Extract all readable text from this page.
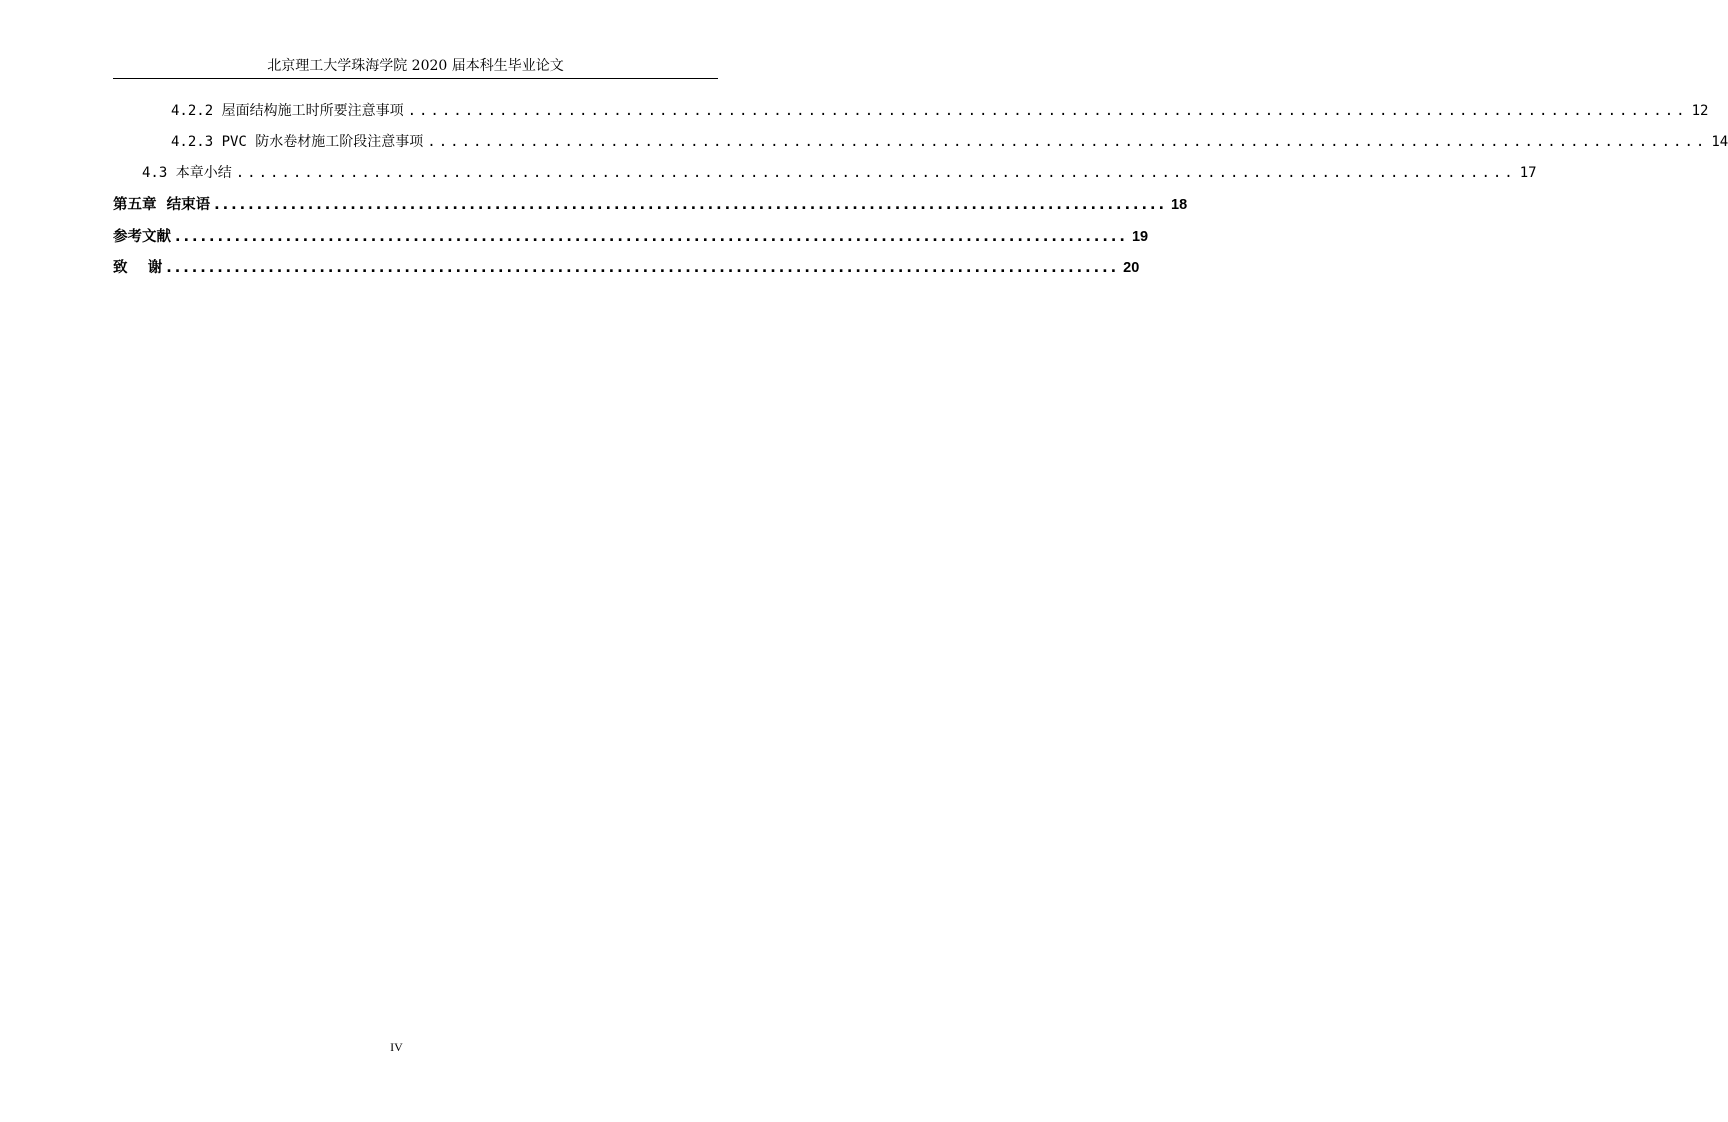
北京理工大学珠海学院 2020 届本科生毕业论文
4.2.2 屋面结构施工时所要注意事项 ................................................................................................................ 12
4.2.3 PVC 防水卷材施工阶段注意事项 ................................................................................................................ 14
4.3 本章小结 ................................................................................................................ 17
第五章  结束语 ................................................................................................................ 18
参考文献 ................................................................................................................ 19
致    谢 ................................................................................................................ 20
IV
